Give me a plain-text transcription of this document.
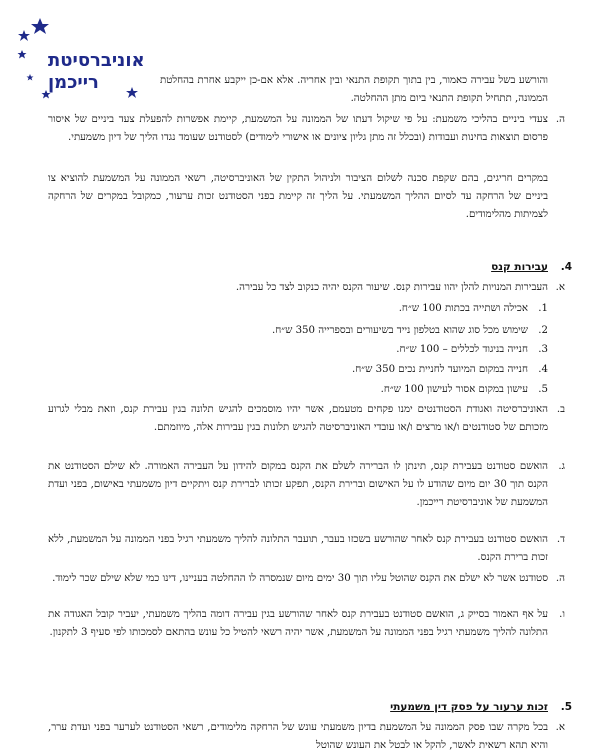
אוניברסיטת
רייכמן	והורשע בשל עבירה כאמור, בין בתוך תקופת התנאי ובין אחריה. אלא אם-כן ייקבע אחרת בהחלטת הממונה, תתחיל תקופת התנאי ביום מתן ההחלטה.
ה.
צעדי ביניים בהליכי משמעת: על פי שיקול דעתו של הממונה על המשמעת, קיימת אפשרות להפעלת צעד ביניים של איסור פרסום תוצאות בחינות ועבודות (ובכלל זה מתן גליון ציונים או אישורי לימודים) לסטודנט שעומד נגדו הליך של דיון משמעתי.
במקרים חריגים, בהם שקפת סכנה לשלום הציבור ולניהול התקין של האוניברסיטה, רשאי הממונה על המשמעת להוציא צו ביניים של הרחקה עד לסיום ההליך המשמעתי. על הליך זה קיימת בפני הסטודנט זכות ערעור, כמקובל במקרים של הרחקה לצמיתות מהלימודים.
4.
עבירות קנס
א.
העבירות המנויות להלן יהוו עבירות קנס. שיעור הקנס יהיה כנקוב לצד כל עבירה.
1.אכילה ושתייה בכתות 100 ש״ח.
2.שימוש מכל סוג שהוא בטלפון נייד בשיעורים ובספרייה 350 ש״ח.
3.חנייה בניגוד לכללים – 100 ש״ח.
4.חנייה במקום המיועד לחניית נכים 350 ש״ח.
5.עישון במקום אסור לעישון 100 ש״ח.
ב.
האוניברסיטה ואגודת הסטודנטים ימנו פקחים מטעמם, אשר יהיו מוסמכים להגיש תלונה בגין עבירת קנס, וזאת מבלי לגרוע מזכותם של סטודנטים ו/או מרצים ו/או עובדי האוניברסיטה להגיש תלונות בגין עבירות אלה, מיוזמתם.
ג.
הואשם סטודנט בעבירת קנס, תינתן לו הברירה לשלם את הקנס במקום להידון על העבירה האמורה. לא שילם הסטודנט את הקנס תוך 30 יום מיום שהודע לו על האישום וברירת הקנס, תפקע זכותו לברירת קנס ויתקיים דיון משמעתי באישום, בפני ועדת המשמעת של אוניברסיטת רייכמן.
ד.
הואשם סטודנט בעבירת קנס לאחר שהורשע בשכזו בעבר, תועבר התלונה להליך משמעתי רגיל בפני הממונה על המשמעת, ללא זכות ברירת הקנס.
ה.
סטודנט אשר לא ישלם את הקנס שהוטל עליו תוך 30 ימים מיום שנמסרה לו ההחלטה בעניינו, דינו כמי שלא שילם שכר לימוד.
ו.
על אף האמור בסייק ג, הואשם סטודנט בעבירת קנס לאחר שהורשע בגין עבירה דומה בהליך משמעתי, יעביר קובל האגודה את התלונה להליך משמעתי רגיל בפני הממונה על המשמעת, אשר יהיה רשאי להטיל כל עונש בהתאם לסמכותו לפי סעיף 3 לתקנון.
5.
זכות ערעור על פסק דין משמעתי
א.
בכל מקרה שבו פסק הממונה על המשמעת בדיון משמעתי עונש של הרחקה מלימודים, רשאי הסטודנט לערער בפני ועדת ערר, והיא תהא רשאית לאשר, להקל או לבטל את העונש שהוטל
